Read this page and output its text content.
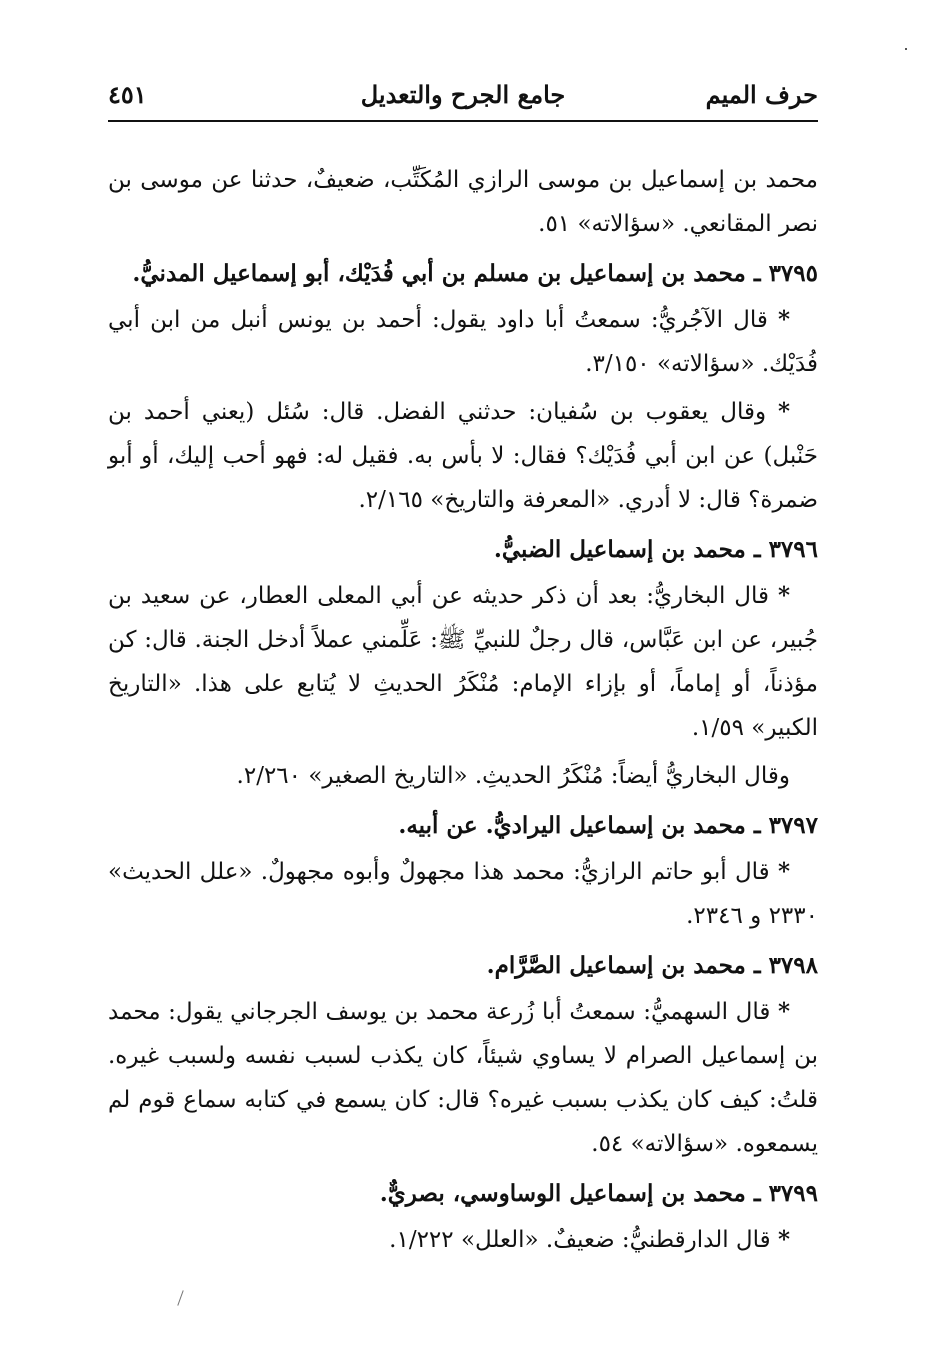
حرف الميم
جامع الجرح والتعديل
٤٥١

محمد بن إسماعيل بن موسى الرازي المُكَتِّب، ضعيفٌ، حدثنا عن موسى بن نصر المقانعي. «سؤالاته» ٥١.

٣٧٩٥ ـ محمد بن إسماعيل بن مسلم بن أبي فُدَيْك، أبو إسماعيل المدنيُّ.

* قال الآجُريُّ: سمعتُ أبا داود يقول: أحمد بن يونس أنبل من ابن أبي فُدَيْك. «سؤالاته» ٣/١٥٠.

* وقال يعقوب بن سُفيان: حدثني الفضل. قال: سُئل (يعني أحمد بن حَنْبل) عن ابن أبي فُدَيْك؟ فقال: لا بأس به. فقيل له: فهو أحب إليك، أو أبو ضمرة؟ قال: لا أدري. «المعرفة والتاريخ» ٢/١٦٥.

٣٧٩٦ ـ محمد بن إسماعيل الضبيُّ.

* قال البخاريُّ: بعد أن ذكر حديثه عن أبي المعلى العطار، عن سعيد بن جُبير، عن ابن عَبَّاس، قال رجلٌ للنبيِّ ﷺ: عَلِّمني عملاً أدخل الجنة. قال: كن مؤذناً، أو إماماً، أو بإزاء الإمام: مُنْكَرُ الحديثِ لا يُتابع على هذا. «التاريخ الكبير» ١/٥٩.

وقال البخاريُّ أيضاً: مُنْكَرُ الحديثِ. «التاريخ الصغير» ٢/٢٦٠.

٣٧٩٧ ـ محمد بن إسماعيل اليراديُّ. عن أبيه.

* قال أبو حاتم الرازيُّ: محمد هذا مجهولٌ وأبوه مجهولٌ. «علل الحديث» ٢٣٣٠ و ٢٣٤٦.

٣٧٩٨ ـ محمد بن إسماعيل الصَّرَّام.

* قال السهميُّ: سمعتُ أبا زُرعة محمد بن يوسف الجرجاني يقول: محمد بن إسماعيل الصرام لا يساوي شيئاً، كان يكذب لسبب نفسه ولسبب غيره. قلتُ: كيف كان يكذب بسبب غيره؟ قال: كان يسمع في كتابه سماع قوم لم يسمعوه. «سؤالاته» ٥٤.

٣٧٩٩ ـ محمد بن إسماعيل الوساوسي، بصريٌّ.

* قال الدارقطنيُّ: ضعيفٌ. «العلل» ١/٢٢٢.
